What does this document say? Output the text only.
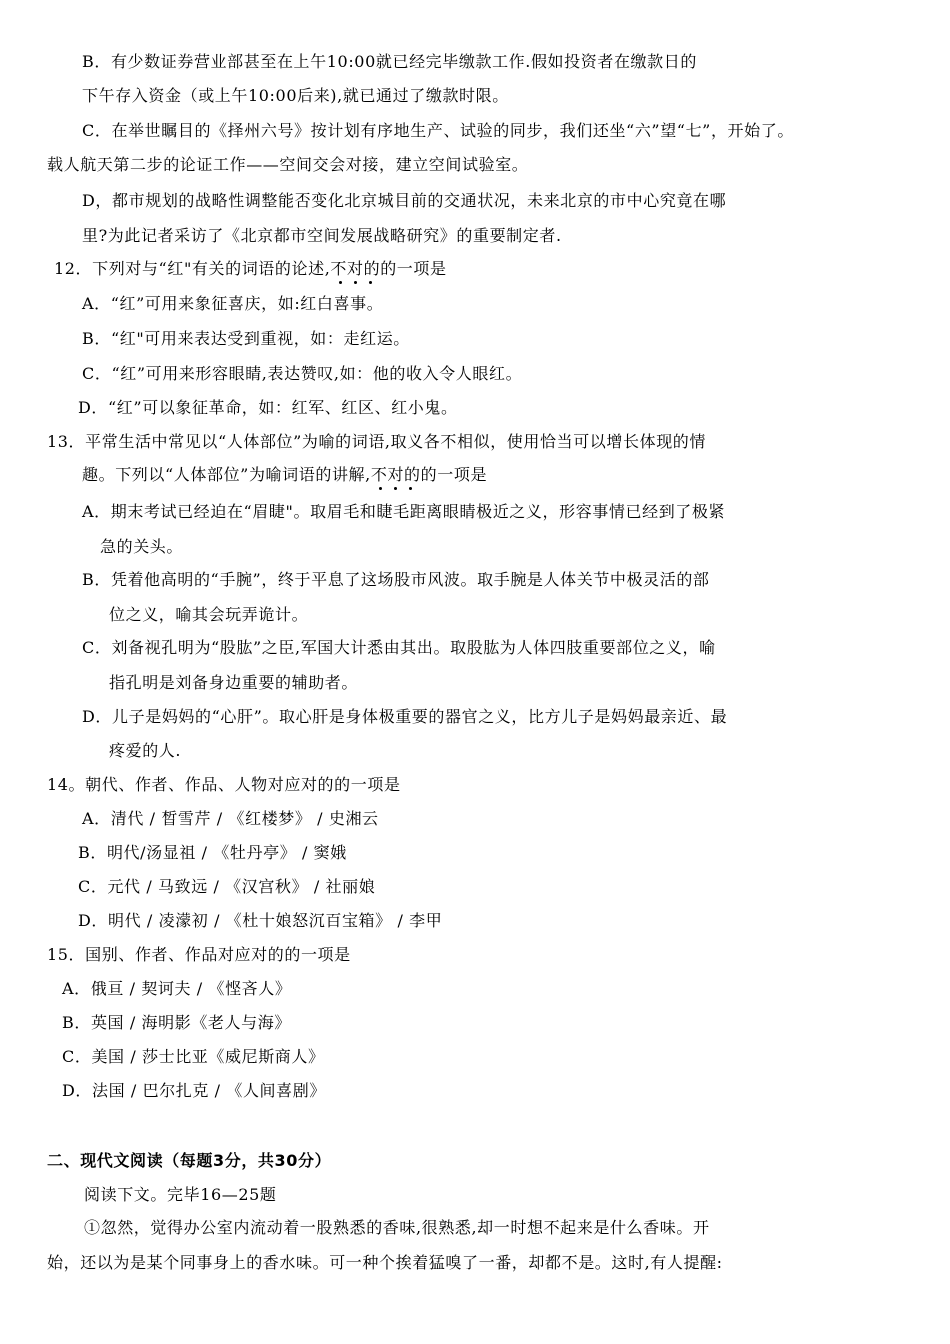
B．有少数证券营业部甚至在上午10:00就已经完毕缴款工作.假如投资者在缴款日的
下午存入资金（或上午10:00后来),就已通过了缴款时限。
C．在举世瞩目的《择州六号》按计划有序地生产、试验的同步，我们还坐“六”望“七”，开始了。
载人航天第二步的论证工作——空间交会对接，建立空间试验室。
D，都市规划的战略性调整能否变化北京城目前的交通状况，未来北京的市中心究竟在哪
里?为此记者采访了《北京都市空间发展战略研究》的重要制定者.
12．下列对与“红"有关的词语的论述,不对的
的一项是
A．“红”可用来象征喜庆，如:红白喜事。
B．“红"可用来表达受到重视，如：走红运。
C．“红”可用来形容眼睛,表达赞叹,如：他的收入令人眼红。
D．“红”可以象征革命，如：红军、红区、红小鬼。
13．平常生活中常见以“人体部位”为喻的词语,取义各不相似，使用恰当可以增长体现的情
趣。下列以“人体部位”为喻词语的讲解,不对的
的一项是
A．期末考试已经迫在“眉睫"。取眉毛和睫毛距离眼睛极近之义，形容事情已经到了极紧
急的关头。
B．凭着他高明的“手腕”，终于平息了这场股市风波。取手腕是人体关节中极灵活的部
位之义，喻其会玩弄诡计。
C．刘备视孔明为“股肱”之臣,军国大计悉由其出。取股肱为人体四肢重要部位之义，喻
指孔明是刘备身边重要的辅助者。
D．儿子是妈妈的“心肝”。取心肝是身体极重要的器官之义，比方儿子是妈妈最亲近、最
疼爱的人.
14。朝代、作者、作品、人物对应对的的一项是
A．清代 / 晳雪芹 / 《红楼梦》 / 史湘云
B．明代/汤显祖 / 《牡丹亭》 / 窦娥
C．元代 / 马致远 / 《汉宫秋》 / 社丽娘
D．明代 / 凌濛初 / 《杜十娘怒沉百宝箱》 / 李甲
15．国别、作者、作品对应对的的一项是
A．俄亘 / 契诃夫 / 《悭吝人》
B．英国 / 海明影《老人与海》
C．美国 / 莎士比亚《威尼斯商人》
D．法国 / 巴尔扎克 / 《人间喜剧》
二、现代文阅读（每题3分，共30分）
阅读下文。完毕16—25题
①忽然，觉得办公室内流动着一股熟悉的香味,很熟悉,却一时想不起来是什么香味。开
始，还以为是某个同事身上的香水味。可一种个挨着猛嗅了一番，却都不是。这时,有人提醒:
